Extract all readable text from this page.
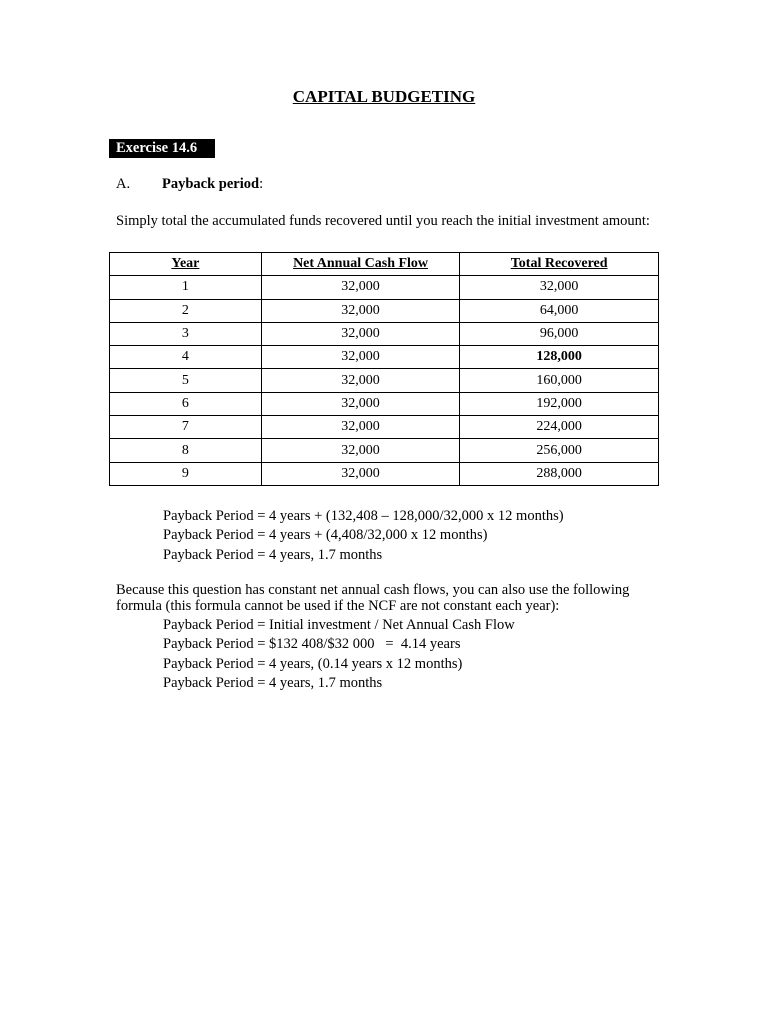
CAPITAL BUDGETING
Exercise 14.6
A. Payback period:
Simply total the accumulated funds recovered until you reach the initial investment amount:
Year	Net Annual Cash Flow	Total Recovered
1	32,000	32,000
2	32,000	64,000
3	32,000	96,000
4	32,000	128,000
5	32,000	160,000
6	32,000	192,000
7	32,000	224,000
8	32,000	256,000
9	32,000	288,000
Payback Period = 4 years + (132,408 – 128,000/32,000 x 12 months)
Payback Period = 4 years + (4,408/32,000 x 12 months)
Payback Period = 4 years, 1.7 months
Because this question has constant net annual cash flows, you can also use the following formula (this formula cannot be used if the NCF are not constant each year):
Payback Period = Initial investment / Net Annual Cash Flow
Payback Period = $132 408/$32 000   =  4.14 years
Payback Period = 4 years, (0.14 years x 12 months)
Payback Period = 4 years, 1.7 months
